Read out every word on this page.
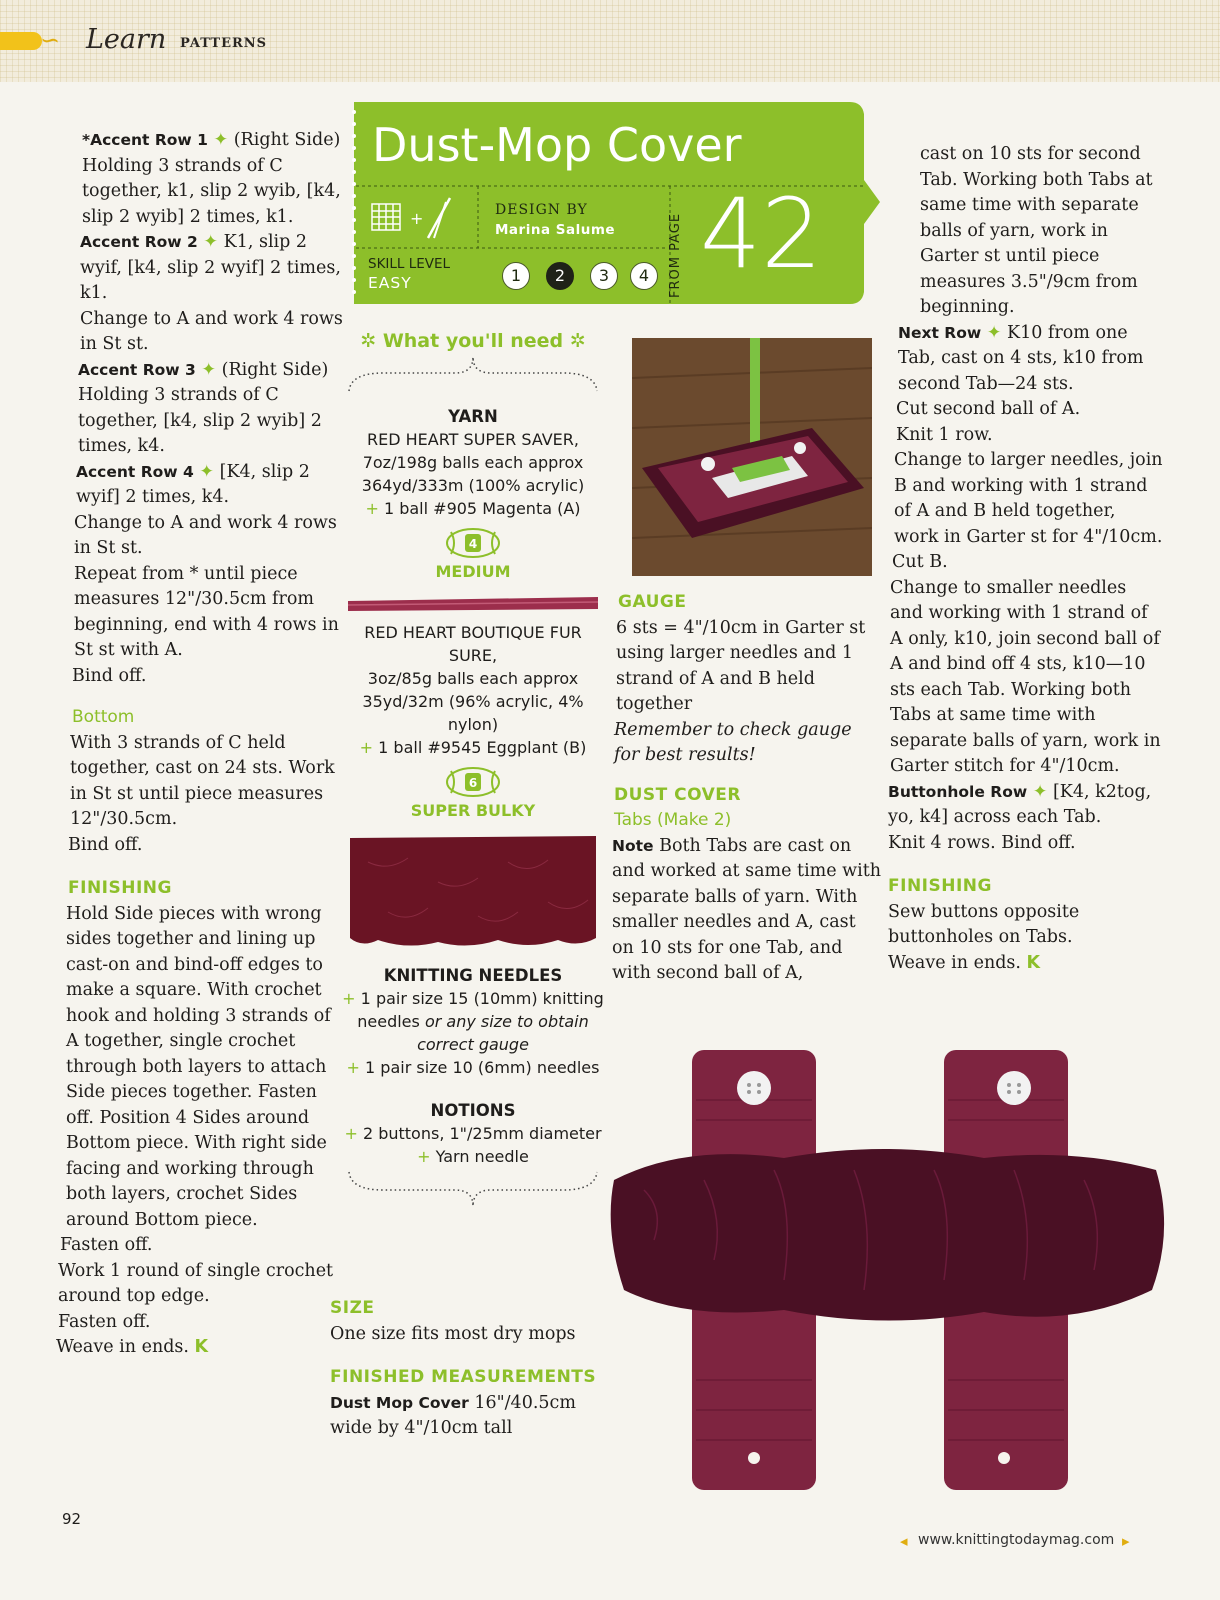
∽ Learn PATTERNS

*Accent Row 1 ✦ (Right Side) Holding 3 strands of C together, k1, slip 2 wyib, [k4, slip 2 wyib] 2 times, k1.

Accent Row 2 ✦ K1, slip 2 wyif, [k4, slip 2 wyif] 2 times, k1.

Change to A and work 4 rows in St st.

Accent Row 3 ✦ (Right Side) Holding 3 strands of C together, [k4, slip 2 wyib] 2 times, k4.

Accent Row 4 ✦ [K4, slip 2 wyif] 2 times, k4.

Change to A and work 4 rows in St st.

Repeat from * until piece measures 12"/30.5cm from beginning, end with 4 rows in St st with A.

Bind off.

Bottom

With 3 strands of C held together, cast on 24 sts. Work in St st until piece measures 12"/30.5cm.

Bind off.

FINISHING

Hold Side pieces with wrong sides together and lining up cast-on and bind-off edges to make a square. With crochet hook and holding 3 strands of A together, single crochet through both layers to attach Side pieces together. Fasten off. Position 4 Sides around Bottom piece. With right side facing and working through both layers, crochet Sides around Bottom piece.

Fasten off.

Work 1 round of single crochet around top edge.

Fasten off.

Weave in ends. K

Dust-Mop Cover
+	DESIGN BY
Marina Salume
SKILL LEVEL
EASY	1	2	3	4	FROM PAGE 42

✲ What you'll need ✲

YARN

RED HEART SUPER SAVER,

7oz/198g balls each approx 364yd/333m (100% acrylic)

+ 1 ball #905 Magenta (A)

4

MEDIUM

RED HEART BOUTIQUE FUR SURE,

3oz/85g balls each approx 35yd/32m (96% acrylic, 4% nylon)

+ 1 ball #9545 Eggplant (B)

6

SUPER BULKY

KNITTING NEEDLES

+ 1 pair size 15 (10mm) knitting needles or any size to obtain correct gauge

+ 1 pair size 10 (6mm) needles

NOTIONS

+ 2 buttons, 1"/25mm diameter

+ Yarn needle

SIZE

One size fits most dry mops

FINISHED MEASUREMENTS

Dust Mop Cover 16"/40.5cm wide by 4"/10cm tall

GAUGE

6 sts = 4"/10cm in Garter st using larger needles and 1 strand of A and B held together

Remember to check gauge for best results!

DUST COVER

Tabs (Make 2)

Note Both Tabs are cast on and worked at same time with separate balls of yarn. With smaller needles and A, cast on 10 sts for one Tab, and with second ball of A,

cast on 10 sts for second Tab. Working both Tabs at same time with separate balls of yarn, work in Garter st until piece measures 3.5"/9cm from beginning.

Next Row ✦ K10 from one Tab, cast on 4 sts, k10 from second Tab—24 sts.

Cut second ball of A.

Knit 1 row.

Change to larger needles, join B and working with 1 strand of A and B held together, work in Garter st for 4"/10cm.

Cut B.

Change to smaller needles and working with 1 strand of A only, k10, join second ball of A and bind off 4 sts, k10—10 sts each Tab. Working both Tabs at same time with separate balls of yarn, work in Garter stitch for 4"/10cm.

Buttonhole Row ✦ [K4, k2tog, yo, k4] across each Tab.

Knit 4 rows. Bind off.

FINISHING

Sew buttons opposite buttonholes on Tabs.

Weave in ends. K

92
◂ www.knittingtodaymag.com ▸
